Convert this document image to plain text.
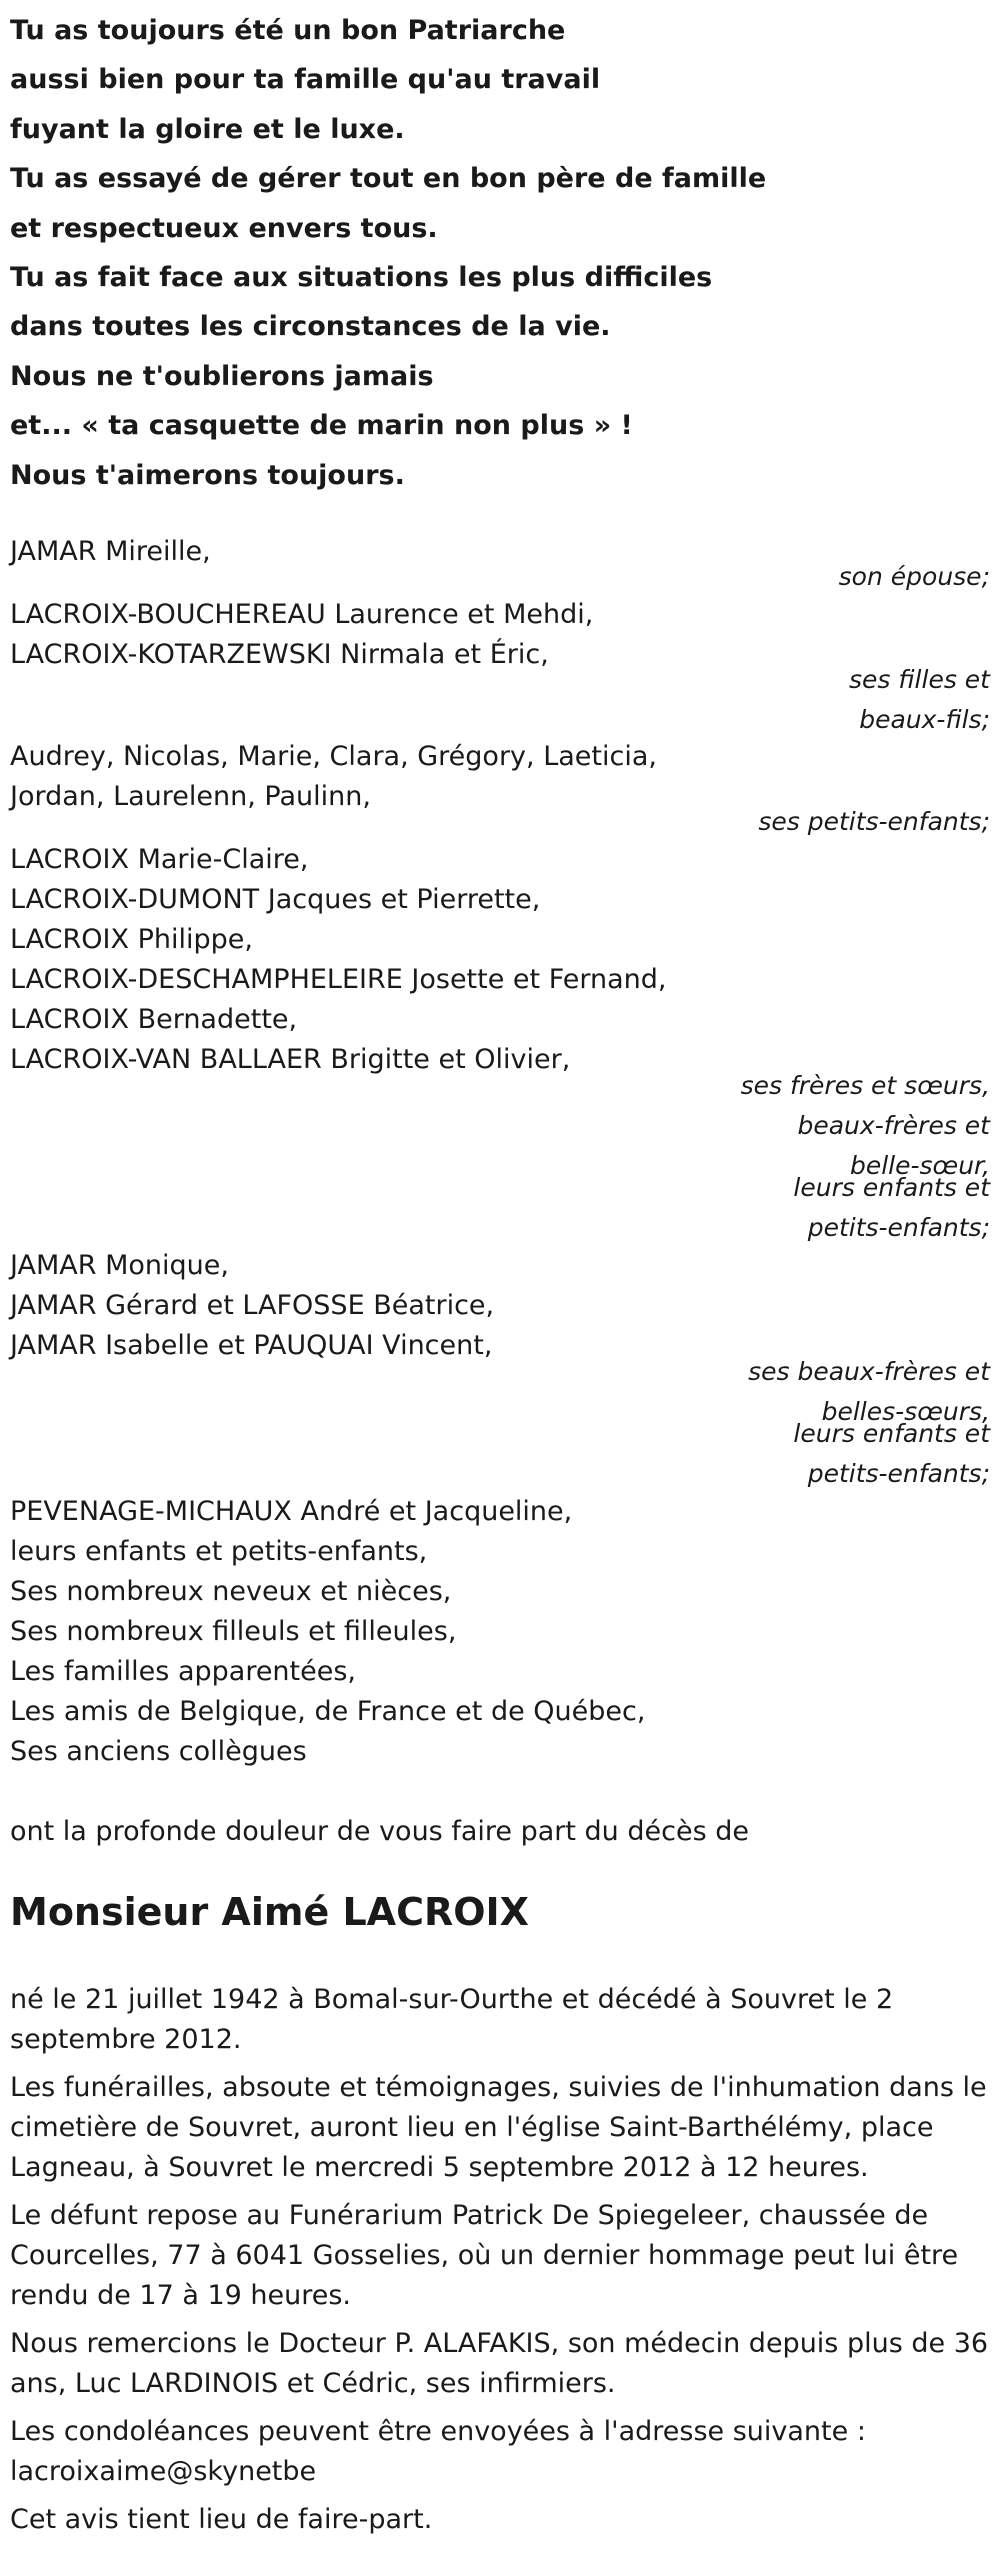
Tu as toujours été un bon Patriarche
aussi bien pour ta famille qu'au travail
fuyant la gloire et le luxe.
Tu as essayé de gérer tout en bon père de famille
et respectueux envers tous.
Tu as fait face aux situations les plus difficiles
dans toutes les circonstances de la vie.
Nous ne t'oublierons jamais
et... « ta casquette de marin non plus » !
Nous t'aimerons toujours.
JAMAR Mireille,
son épouse;
LACROIX-BOUCHEREAU Laurence et Mehdi,
LACROIX-KOTARZEWSKI Nirmala et Éric,
ses filles et
beaux-fils;
Audrey, Nicolas, Marie, Clara, Grégory, Laeticia,
Jordan, Laurelenn, Paulinn,
ses petits-enfants;
LACROIX Marie-Claire,
LACROIX-DUMONT Jacques et Pierrette,
LACROIX Philippe,
LACROIX-DESCHAMPHELEIRE Josette et Fernand,
LACROIX Bernadette,
LACROIX-VAN BALLAER Brigitte et Olivier,
ses frères et sœurs,
beaux-frères et
belle-sœur,
leurs enfants et
petits-enfants;
JAMAR Monique,
JAMAR Gérard et LAFOSSE Béatrice,
JAMAR Isabelle et PAUQUAI Vincent,
ses beaux-frères et
belles-sœurs,
leurs enfants et
petits-enfants;
PEVENAGE-MICHAUX André et Jacqueline,
leurs enfants et petits-enfants,
Ses nombreux neveux et nièces,
Ses nombreux filleuls et filleules,
Les familles apparentées,
Les amis de Belgique, de France et de Québec,
Ses anciens collègues
ont la profonde douleur de vous faire part du décès de
Monsieur Aimé LACROIX
né le 21 juillet 1942 à Bomal-sur-Ourthe et décédé à Souvret le 2 septembre 2012.
Les funérailles, absoute et témoignages, suivies de l'inhumation dans le cimetière de Souvret, auront lieu en l'église Saint-Barthélémy, place Lagneau, à Souvret le mercredi 5 septembre 2012 à 12 heures.
Le défunt repose au Funérarium Patrick De Spiegeleer, chaussée de Courcelles, 77 à 6041 Gosselies, où un dernier hommage peut lui être rendu de 17 à 19 heures.
Nous remercions le Docteur P. ALAFAKIS, son médecin depuis plus de 36 ans, Luc LARDINOIS et Cédric, ses infirmiers.
Les condoléances peuvent être envoyées à l'adresse suivante : lacroixaime@skynetbe
Cet avis tient lieu de faire-part.
